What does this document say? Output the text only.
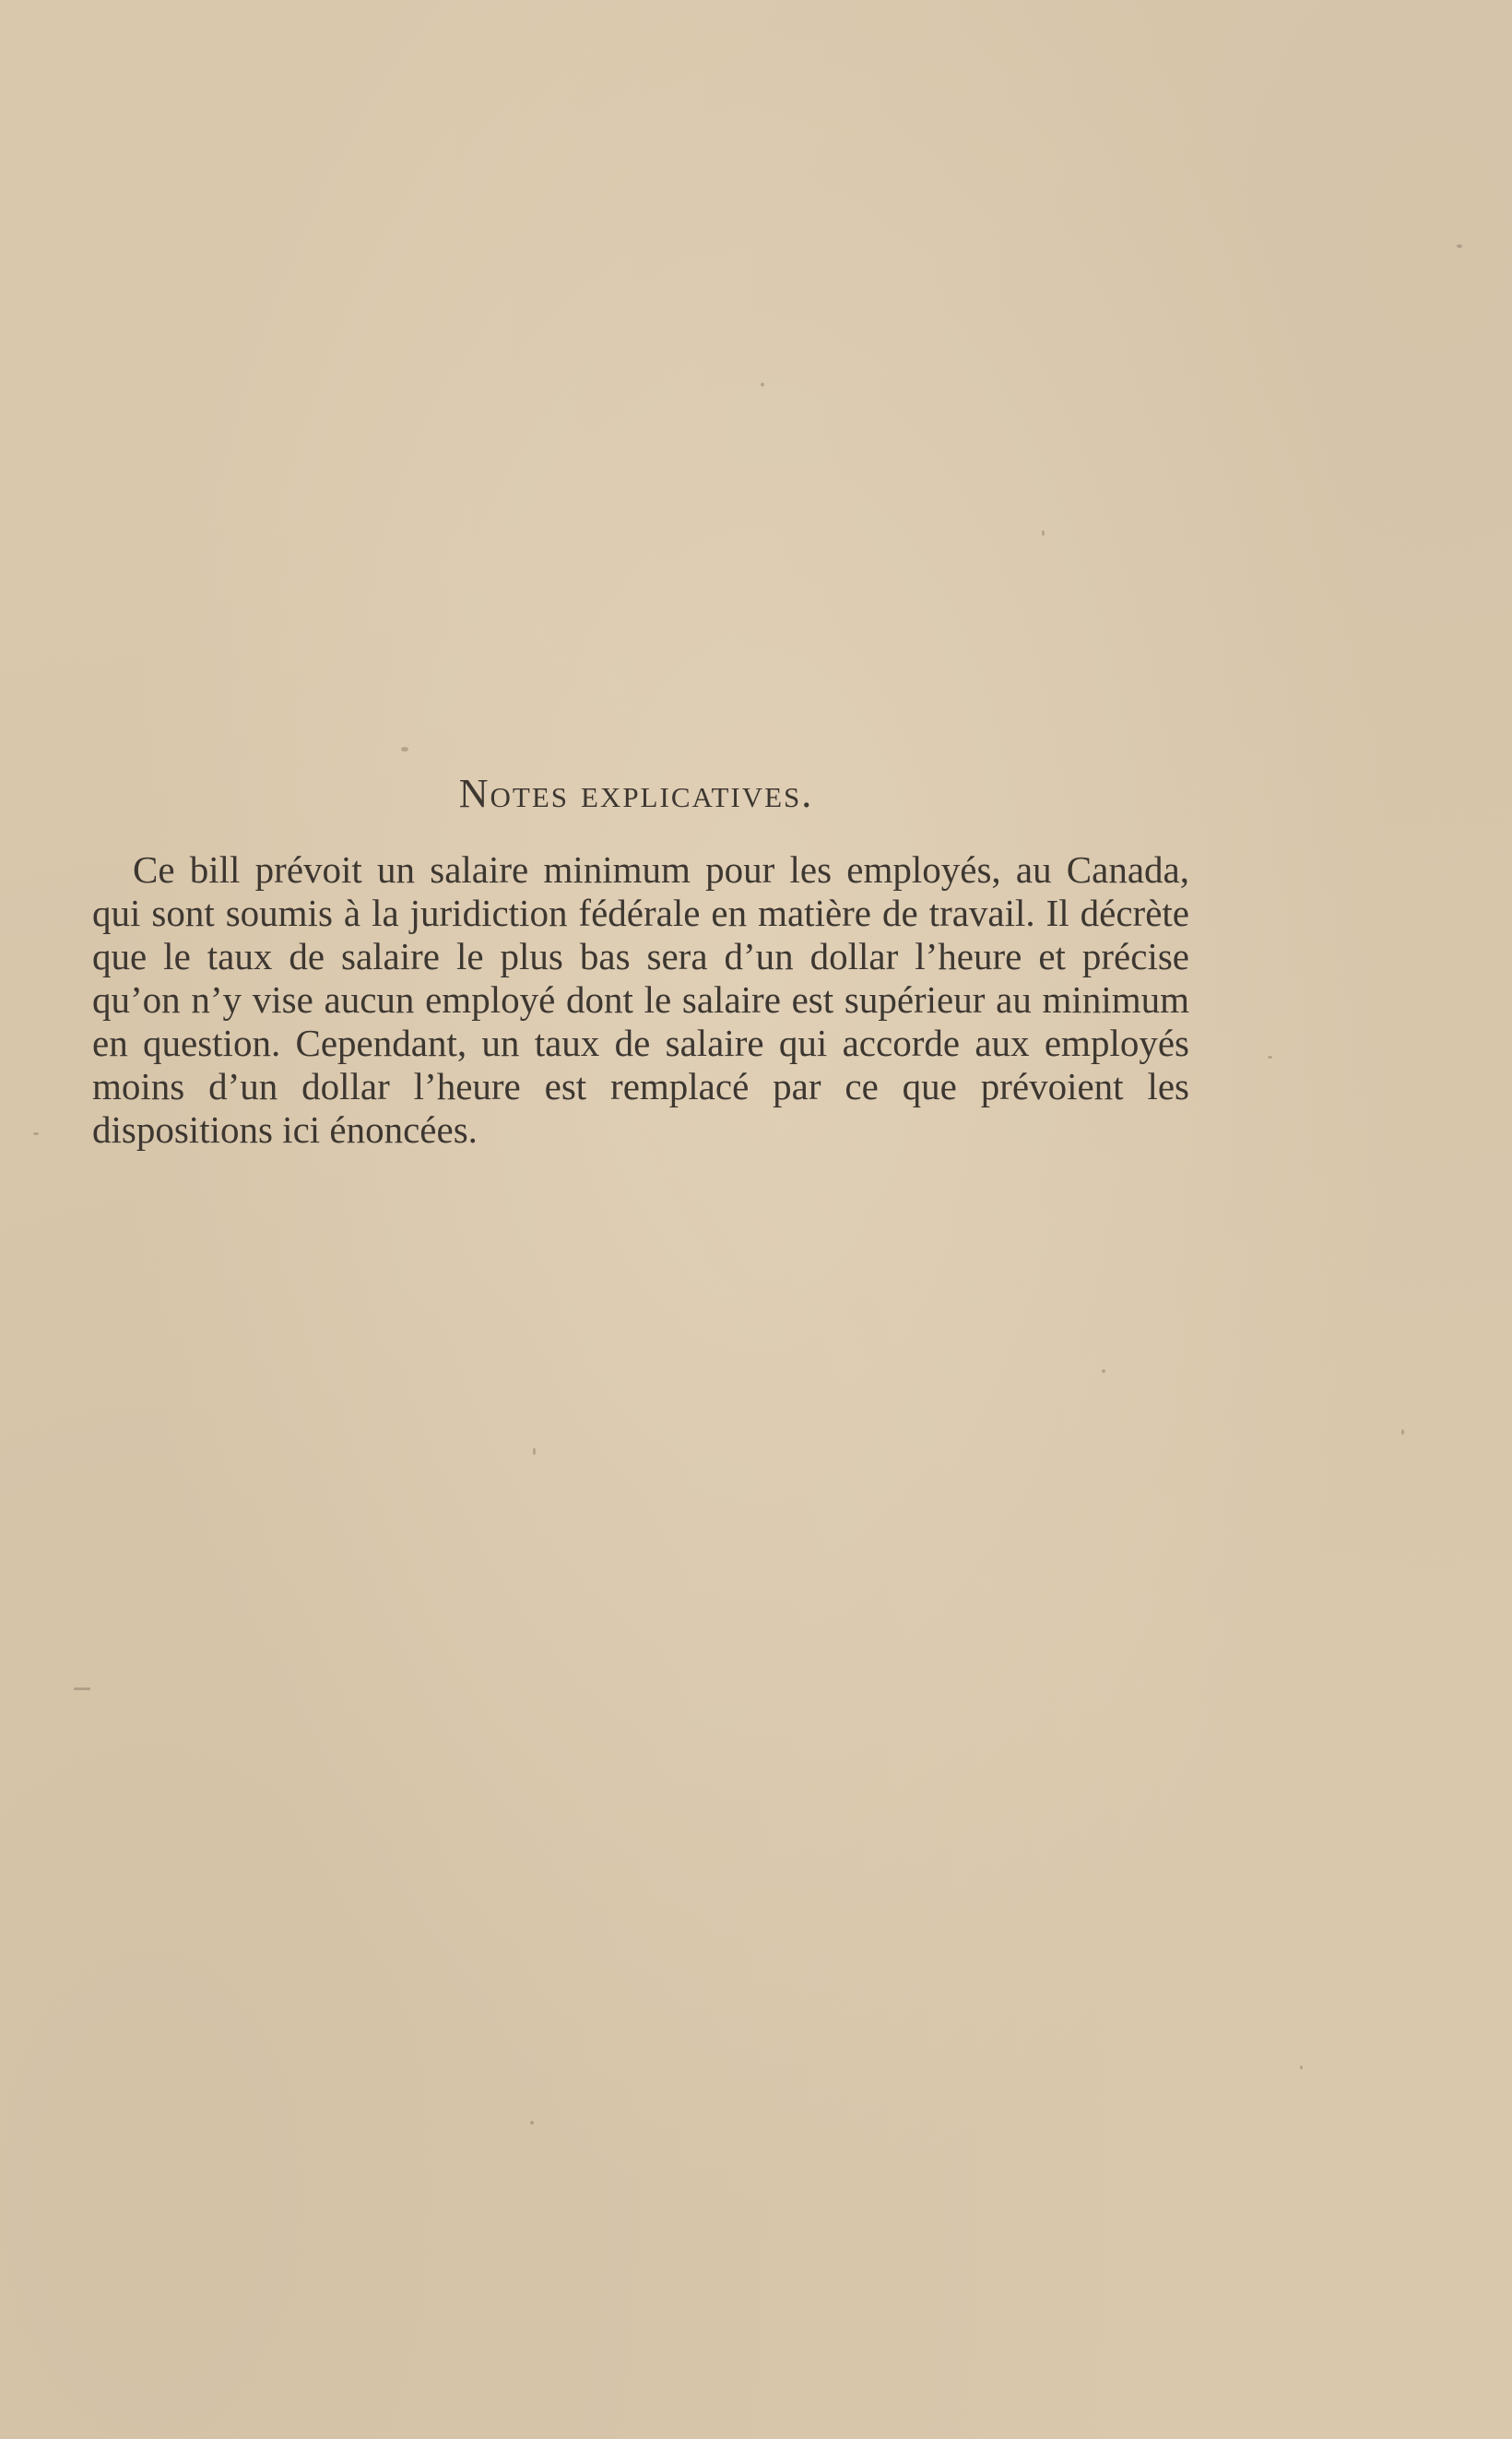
Notes explicatives.

Ce bill prévoit un salaire minimum pour les employés, au Canada, qui sont soumis à la juridiction fédérale en matière de travail. Il décrète que le taux de salaire le plus bas sera d’un dollar l’heure et précise qu’on n’y vise aucun employé dont le salaire est supérieur au minimum en question. Cependant, un taux de salaire qui accorde aux employés moins d’un dollar l’heure est remplacé par ce que prévoient les dispositions ici énoncées.
